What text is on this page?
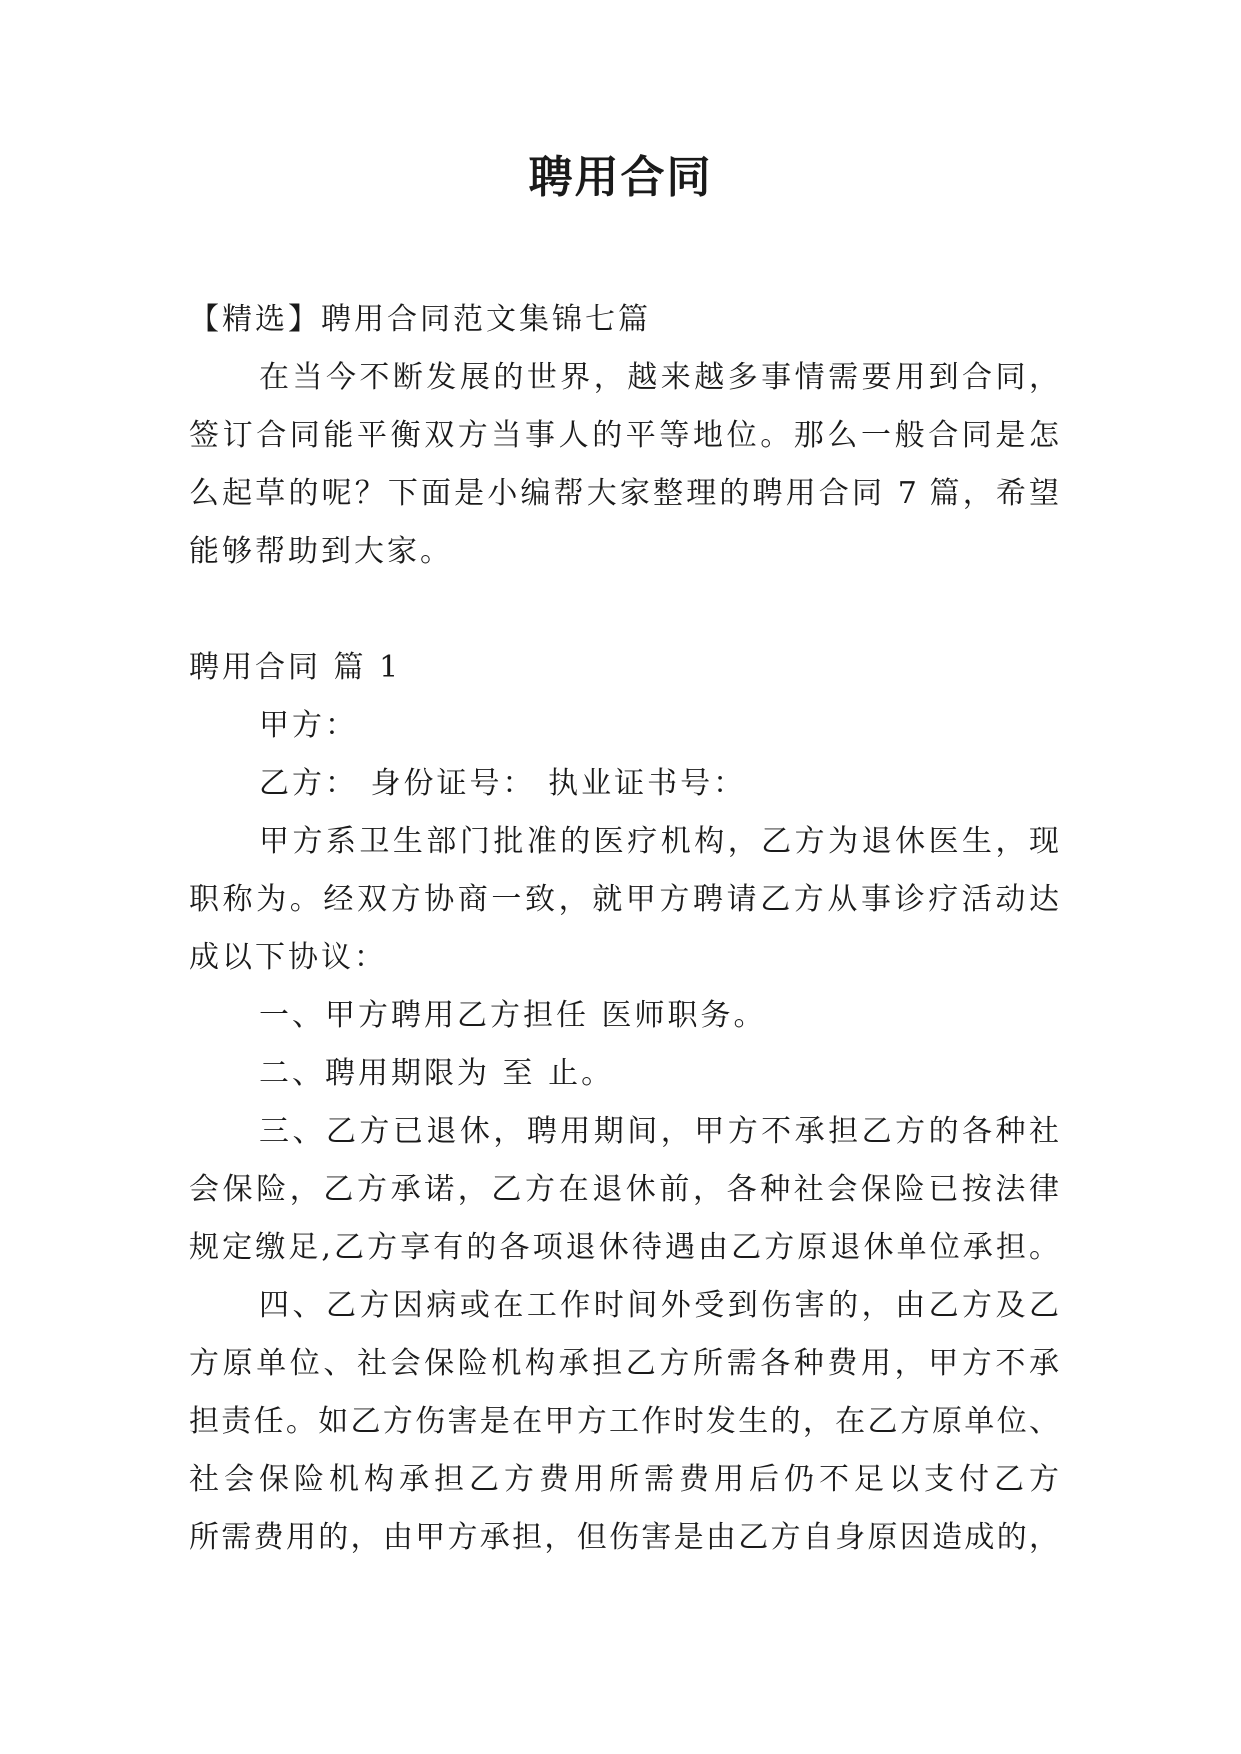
聘用合同
【精选】聘用合同范文集锦七篇
在当今不断发展的世界，越来越多事情需要用到合同，
签订合同能平衡双方当事人的平等地位。那么一般合同是怎
么起草的呢？下面是小编帮大家整理的聘用合同 7 篇，希望
能够帮助到大家。
聘用合同 篇 1
甲方：
乙方： 身份证号： 执业证书号：
甲方系卫生部门批准的医疗机构，乙方为退休医生，现
职称为。经双方协商一致，就甲方聘请乙方从事诊疗活动达
成以下协议：
一、甲方聘用乙方担任 医师职务。
二、聘用期限为 至 止。
三、乙方已退休，聘用期间，甲方不承担乙方的各种社
会保险，乙方承诺，乙方在退休前，各种社会保险已按法律
规定缴足,乙方享有的各项退休待遇由乙方原退休单位承担。
四、乙方因病或在工作时间外受到伤害的，由乙方及乙
方原单位、社会保险机构承担乙方所需各种费用，甲方不承
担责任。如乙方伤害是在甲方工作时发生的，在乙方原单位、
社会保险机构承担乙方费用所需费用后仍不足以支付乙方
所需费用的，由甲方承担，但伤害是由乙方自身原因造成的，
